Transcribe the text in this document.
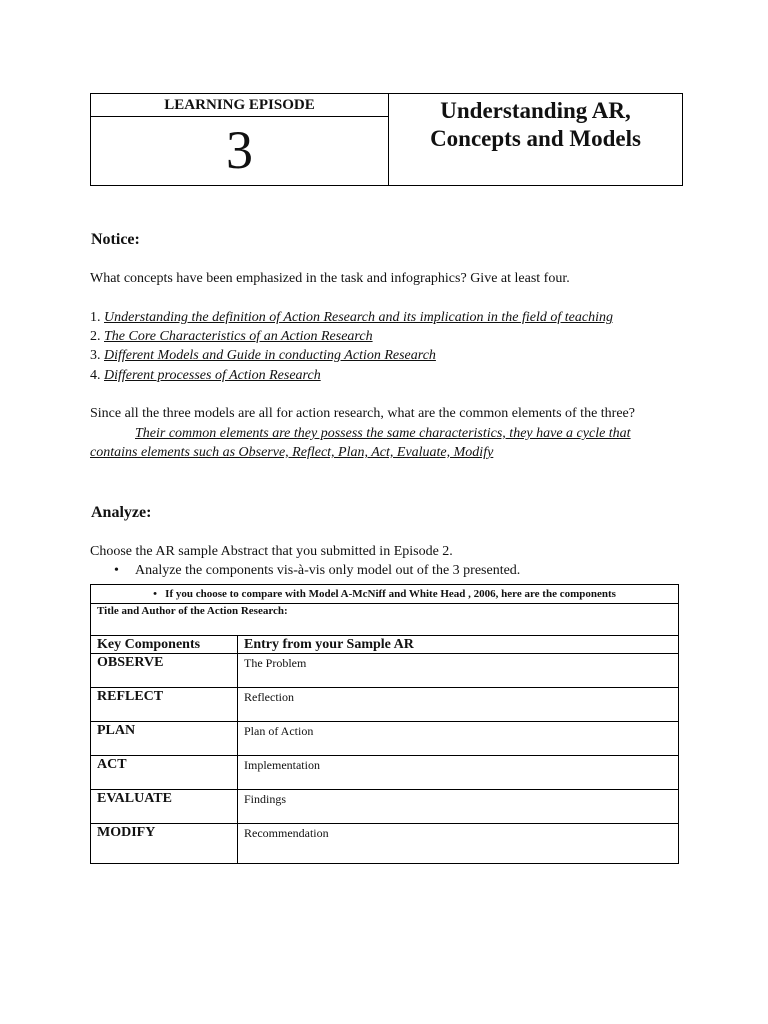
LEARNING EPISODE
3
Understanding AR,
Concepts and Models
Notice:
What concepts have been emphasized in the task and infographics? Give at least four.
1. Understanding the definition of Action Research and its implication in the field of teaching
2. The Core Characteristics of an Action Research
3. Different Models and Guide in conducting Action Research
4. Different processes of Action Research
Since all the three models are all for action research, what are the common elements of the three?
Their common elements are they possess the same characteristics, they have a cycle that
contains elements such as Observe, Reflect, Plan, Act, Evaluate, Modify
Analyze:
Choose the AR sample Abstract that you submitted in Episode 2.
• Analyze the components vis-à-vis only model out of the 3 presented.
• If you choose to compare with Model A-McNiff and White Head , 2006, here are the components	
Title and Author of the Action Research:	
Key Components	Entry from your Sample AR
OBSERVE	The Problem
REFLECT	Reflection
PLAN	Plan of Action
ACT	Implementation
EVALUATE	Findings
MODIFY	Recommendation
